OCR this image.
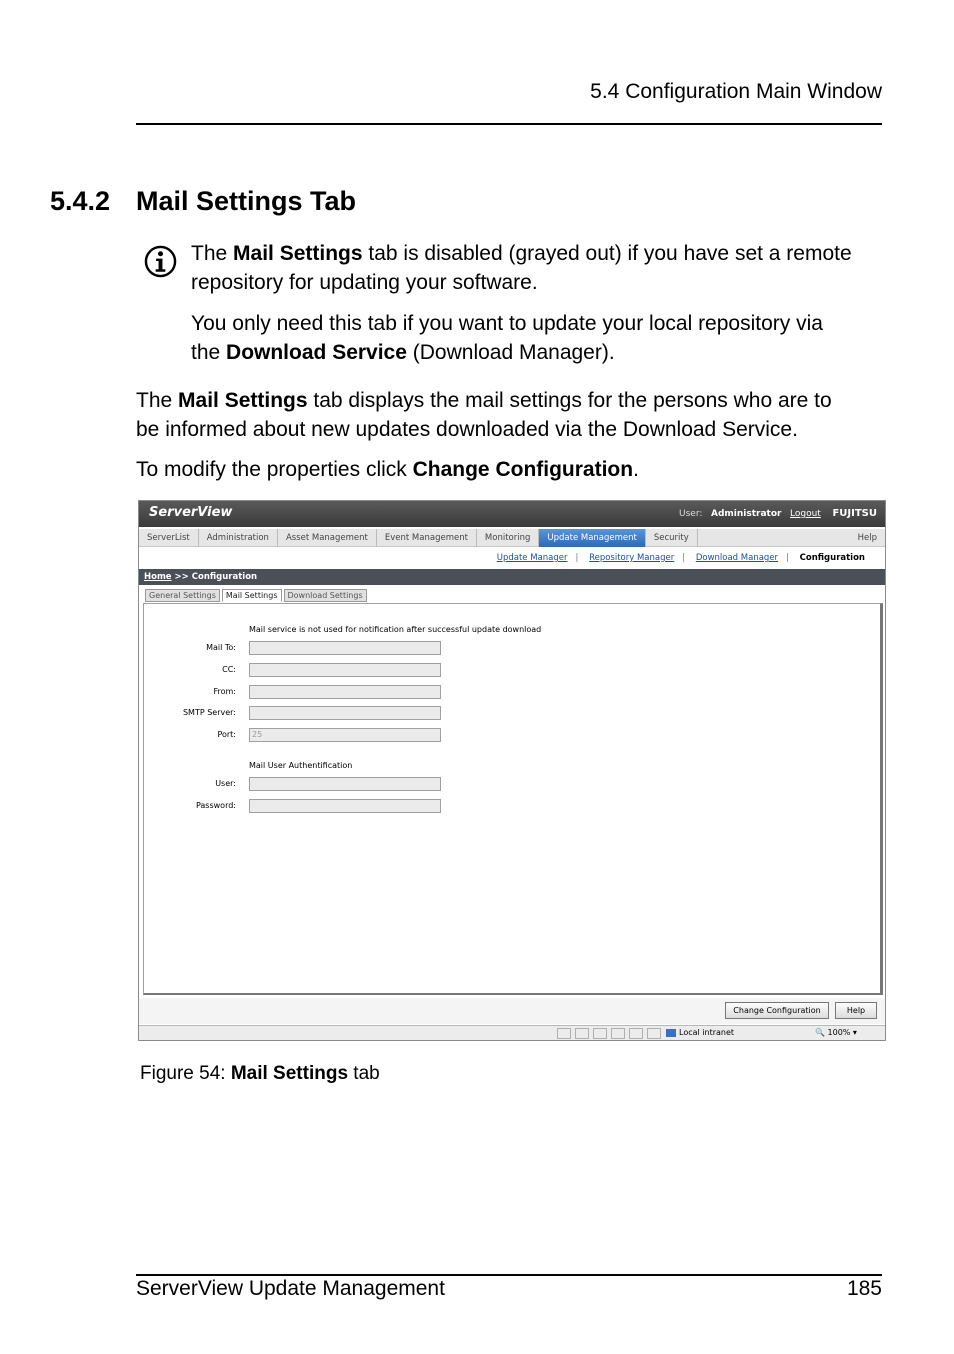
5.4 Configuration Main Window
5.4.2 Mail Settings Tab
The Mail Settings tab is disabled (grayed out) if you have set a remote
repository for updating your software.
You only need this tab if you want to update your local repository via
the Download Service (Download Manager).
The Mail Settings tab displays the mail settings for the persons who are to
be informed about new updates downloaded via the Download Service.
To modify the properties click Change Configuration.
ServerView	User: Administrator Logout FUJITSU
ServerList	Administration	Asset Management	Event Management	Monitoring	Update Management	Security	Help
Update Manager | Repository Manager | Download Manager | Configuration
Home >> Configuration
General Settings	Mail Settings	Download Settings
Mail service is not used for notification after successful update download
Mail To:
CC:
From:
SMTP Server:
Port:	25
Mail User Authentification
User:
Password:
Change Configuration	Help
Local intranet	🔍 100% ▾
Figure 54: Mail Settings tab
ServerView Update Management	185
